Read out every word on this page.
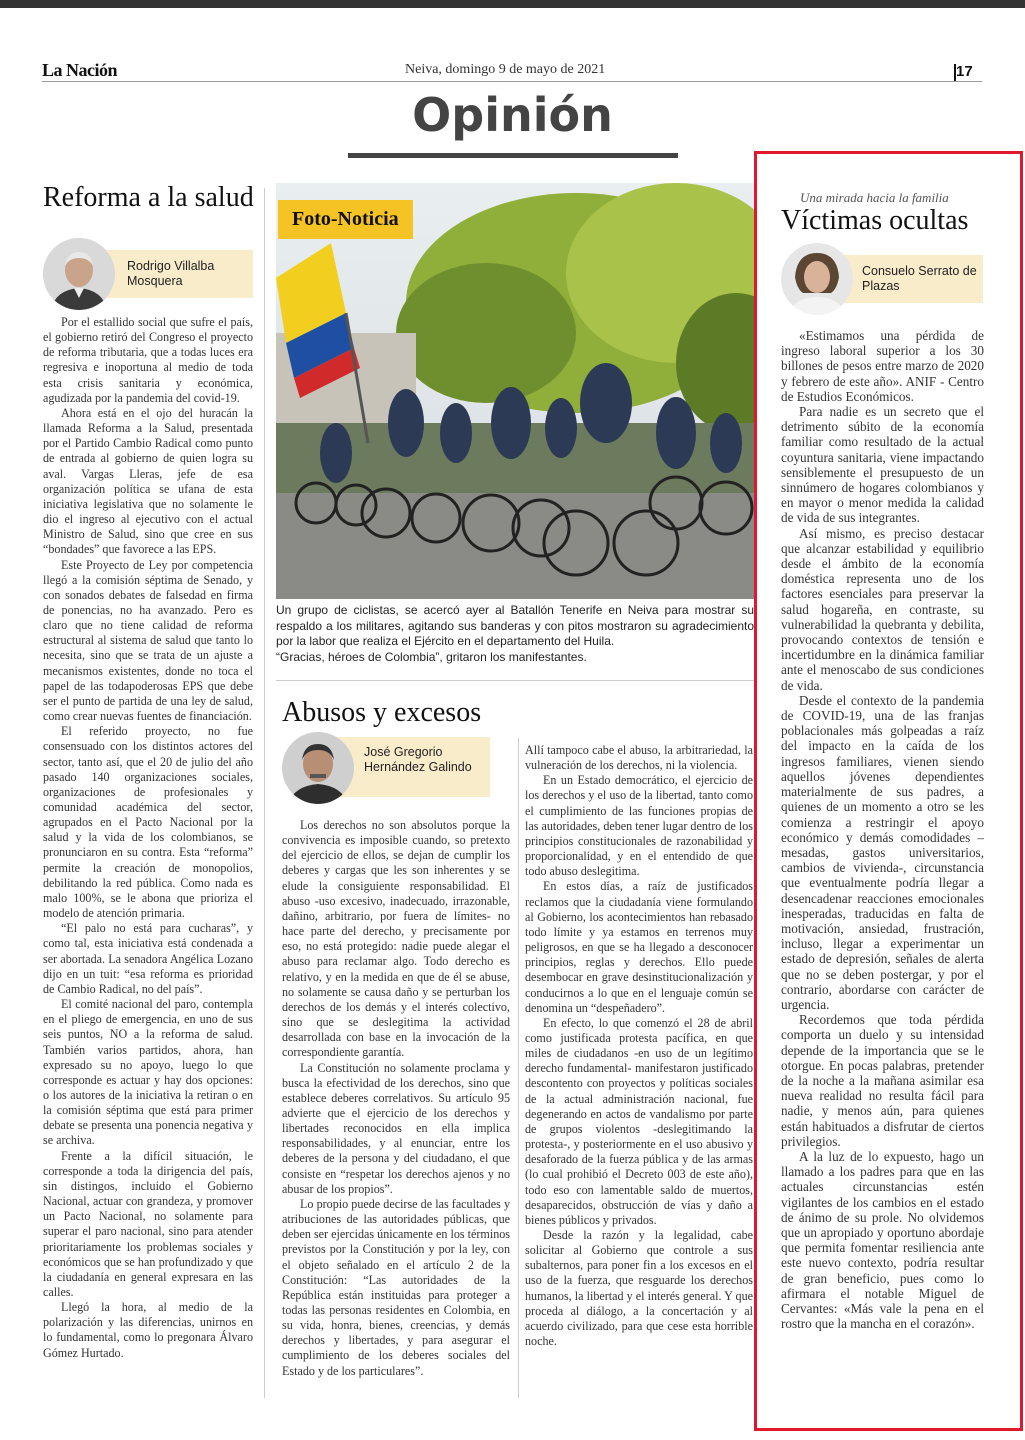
La Nación	Neiva, domingo 9 de mayo de 2021	17
Opinión
Reforma a la salud
Rodrigo Villalba Mosquera

Por el estallido social que sufre el país, el gobierno retiró del Congreso el proyecto de reforma tributaria, que a todas luces era regresiva e inoportuna al medio de toda esta crisis sanitaria y económica, agudizada por la pandemia del covid-19.

Ahora está en el ojo del huracán la llamada Reforma a la Salud, presentada por el Partido Cambio Radical como punto de entrada al gobierno de quien logra su aval. Vargas Lleras, jefe de esa organización política se ufana de esta iniciativa legislativa que no solamente le dio el ingreso al ejecutivo con el actual Ministro de Salud, sino que cree en sus “bondades” que favorece a las EPS.

Este Proyecto de Ley por competencia llegó a la comisión séptima de Senado, y con sonados debates de falsedad en firma de ponencias, no ha avanzado. Pero es claro que no tiene calidad de reforma estructural al sistema de salud que tanto lo necesita, sino que se trata de un ajuste a mecanismos existentes, donde no toca el papel de las todapoderosas EPS que debe ser el punto de partida de una ley de salud, como crear nuevas fuentes de financiación.

El referido proyecto, no fue consensuado con los distintos actores del sector, tanto así, que el 20 de julio del año pasado 140 organizaciones sociales, organizaciones de profesionales y comunidad académica del sector, agrupados en el Pacto Nacional por la salud y la vida de los colombianos, se pronunciaron en su contra. Esta “reforma” permite la creación de monopolios, debilitando la red pública. Como nada es malo 100%, se le abona que prioriza el modelo de atención primaria.

“El palo no está para cucharas”, y como tal, esta iniciativa está condenada a ser abortada. La senadora Angélica Lozano dijo en un tuit: “esa reforma es prioridad de Cambio Radical, no del país”.

El comité nacional del paro, contempla en el pliego de emergencia, en uno de sus seis puntos, NO a la reforma de salud. También varios partidos, ahora, han expresado su no apoyo, luego lo que corresponde es actuar y hay dos opciones: o los autores de la iniciativa la retiran o en la comisión séptima que está para primer debate se presenta una ponencia negativa y se archiva.

Frente a la difícil situación, le corresponde a toda la dirigencia del país, sin distingos, incluido el Gobierno Nacional, actuar con grandeza, y promover un Pacto Nacional, no solamente para superar el paro nacional, sino para atender prioritariamente los problemas sociales y económicos que se han profundizado y que la ciudadanía en general expresara en las calles.

Llegó la hora, al medio de la polarización y las diferencias, unirnos en lo fundamental, como lo pregonara Álvaro Gómez Hurtado.

Foto-Noticia
Un grupo de ciclistas, se acercó ayer al Batallón Tenerife en Neiva para mostrar su respaldo a los militares, agitando sus banderas y con pitos mostraron su agradecimiento por la labor que realiza el Ejército en el departamento del Huila.
“Gracias, héroes de Colombia”, gritaron los manifestantes.
Abusos y excesos
José Gregorio Hernández Galindo

Los derechos no son absolutos porque la convivencia es imposible cuando, so pretexto del ejercicio de ellos, se dejan de cumplir los deberes y cargas que les son inherentes y se elude la consiguiente responsabilidad. El abuso -uso excesivo, inadecuado, irrazonable, dañino, arbitrario, por fuera de límites- no hace parte del derecho, y precisamente por eso, no está protegido: nadie puede alegar el abuso para reclamar algo. Todo derecho es relativo, y en la medida en que de él se abuse, no solamente se causa daño y se perturban los derechos de los demás y el interés colectivo, sino que se deslegitima la actividad desarrollada con base en la invocación de la correspondiente garantía.

La Constitución no solamente proclama y busca la efectividad de los derechos, sino que establece deberes correlativos. Su artículo 95 advierte que el ejercicio de los derechos y libertades reconocidos en ella implica responsabilidades, y al enunciar, entre los deberes de la persona y del ciudadano, el que consiste en “respetar los derechos ajenos y no abusar de los propios”.

Lo propio puede decirse de las facultades y atribuciones de las autoridades públicas, que deben ser ejercidas únicamente en los términos previstos por la Constitución y por la ley, con el objeto señalado en el artículo 2 de la Constitución: “Las autoridades de la República están instituidas para proteger a todas las personas residentes en Colombia, en su vida, honra, bienes, creencias, y demás derechos y libertades, y para asegurar el cumplimiento de los deberes sociales del Estado y de los particulares”.

Allí tampoco cabe el abuso, la arbitrariedad, la vulneración de los derechos, ni la violencia.

En un Estado democrático, el ejercicio de los derechos y el uso de la libertad, tanto como el cumplimiento de las funciones propias de las autoridades, deben tener lugar dentro de los principios constitucionales de razonabilidad y proporcionalidad, y en el entendido de que todo abuso deslegitima.

En estos días, a raíz de justificados reclamos que la ciudadanía viene formulando al Gobierno, los acontecimientos han rebasado todo límite y ya estamos en terrenos muy peligrosos, en que se ha llegado a desconocer principios, reglas y derechos. Ello puede desembocar en grave desinstitucionalización y conducirnos a lo que en el lenguaje común se denomina un “despeñadero”.

En efecto, lo que comenzó el 28 de abril como justificada protesta pacífica, en que miles de ciudadanos -en uso de un legítimo derecho fundamental- manifestaron justificado descontento con proyectos y políticas sociales de la actual administración nacional, fue degenerando en actos de vandalismo por parte de grupos violentos -deslegitimando la protesta-, y posteriormente en el uso abusivo y desaforado de la fuerza pública y de las armas (lo cual prohibió el Decreto 003 de este año), todo eso con lamentable saldo de muertos, desaparecidos, obstrucción de vías y daño a bienes públicos y privados.

Desde la razón y la legalidad, cabe solicitar al Gobierno que controle a sus subalternos, para poner fin a los excesos en el uso de la fuerza, que resguarde los derechos humanos, la libertad y el interés general. Y que proceda al diálogo, a la concertación y al acuerdo civilizado, para que cese esta horrible noche.

Una mirada hacia la familia
Víctimas ocultas
Consuelo Serrato de Plazas

«Estimamos una pérdida de ingreso laboral superior a los 30 billones de pesos entre marzo de 2020 y febrero de este año». ANIF - Centro de Estudios Económicos.

Para nadie es un secreto que el detrimento súbito de la economía familiar como resultado de la actual coyuntura sanitaria, viene impactando sensiblemente el presupuesto de un sinnúmero de hogares colombianos y en mayor o menor medida la calidad de vida de sus integrantes.

Así mismo, es preciso destacar que alcanzar estabilidad y equilibrio desde el ámbito de la economía doméstica representa uno de los factores esenciales para preservar la salud hogareña, en contraste, su vulnerabilidad la quebranta y debilita, provocando contextos de tensión e incertidumbre en la dinámica familiar ante el menoscabo de sus condiciones de vida.

Desde el contexto de la pandemia de COVID-19, una de las franjas poblacionales más golpeadas a raíz del impacto en la caída de los ingresos familiares, vienen siendo aquellos jóvenes dependientes materialmente de sus padres, a quienes de un momento a otro se les comienza a restringir el apoyo económico y demás comodidades –mesadas, gastos universitarios, cambios de vivienda-, circunstancia que eventualmente podría llegar a desencadenar reacciones emocionales inesperadas, traducidas en falta de motivación, ansiedad, frustración, incluso, llegar a experimentar un estado de depresión, señales de alerta que no se deben postergar, y por el contrario, abordarse con carácter de urgencia.

Recordemos que toda pérdida comporta un duelo y su intensidad depende de la importancia que se le otorgue. En pocas palabras, pretender de la noche a la mañana asimilar esa nueva realidad no resulta fácil para nadie, y menos aún, para quienes están habituados a disfrutar de ciertos privilegios.

A la luz de lo expuesto, hago un llamado a los padres para que en las actuales circunstancias estén vigilantes de los cambios en el estado de ánimo de su prole. No olvidemos que un apropiado y oportuno abordaje que permita fomentar resiliencia ante este nuevo contexto, podría resultar de gran beneficio, pues como lo afirmara el notable Miguel de Cervantes: «Más vale la pena en el rostro que la mancha en el corazón».
